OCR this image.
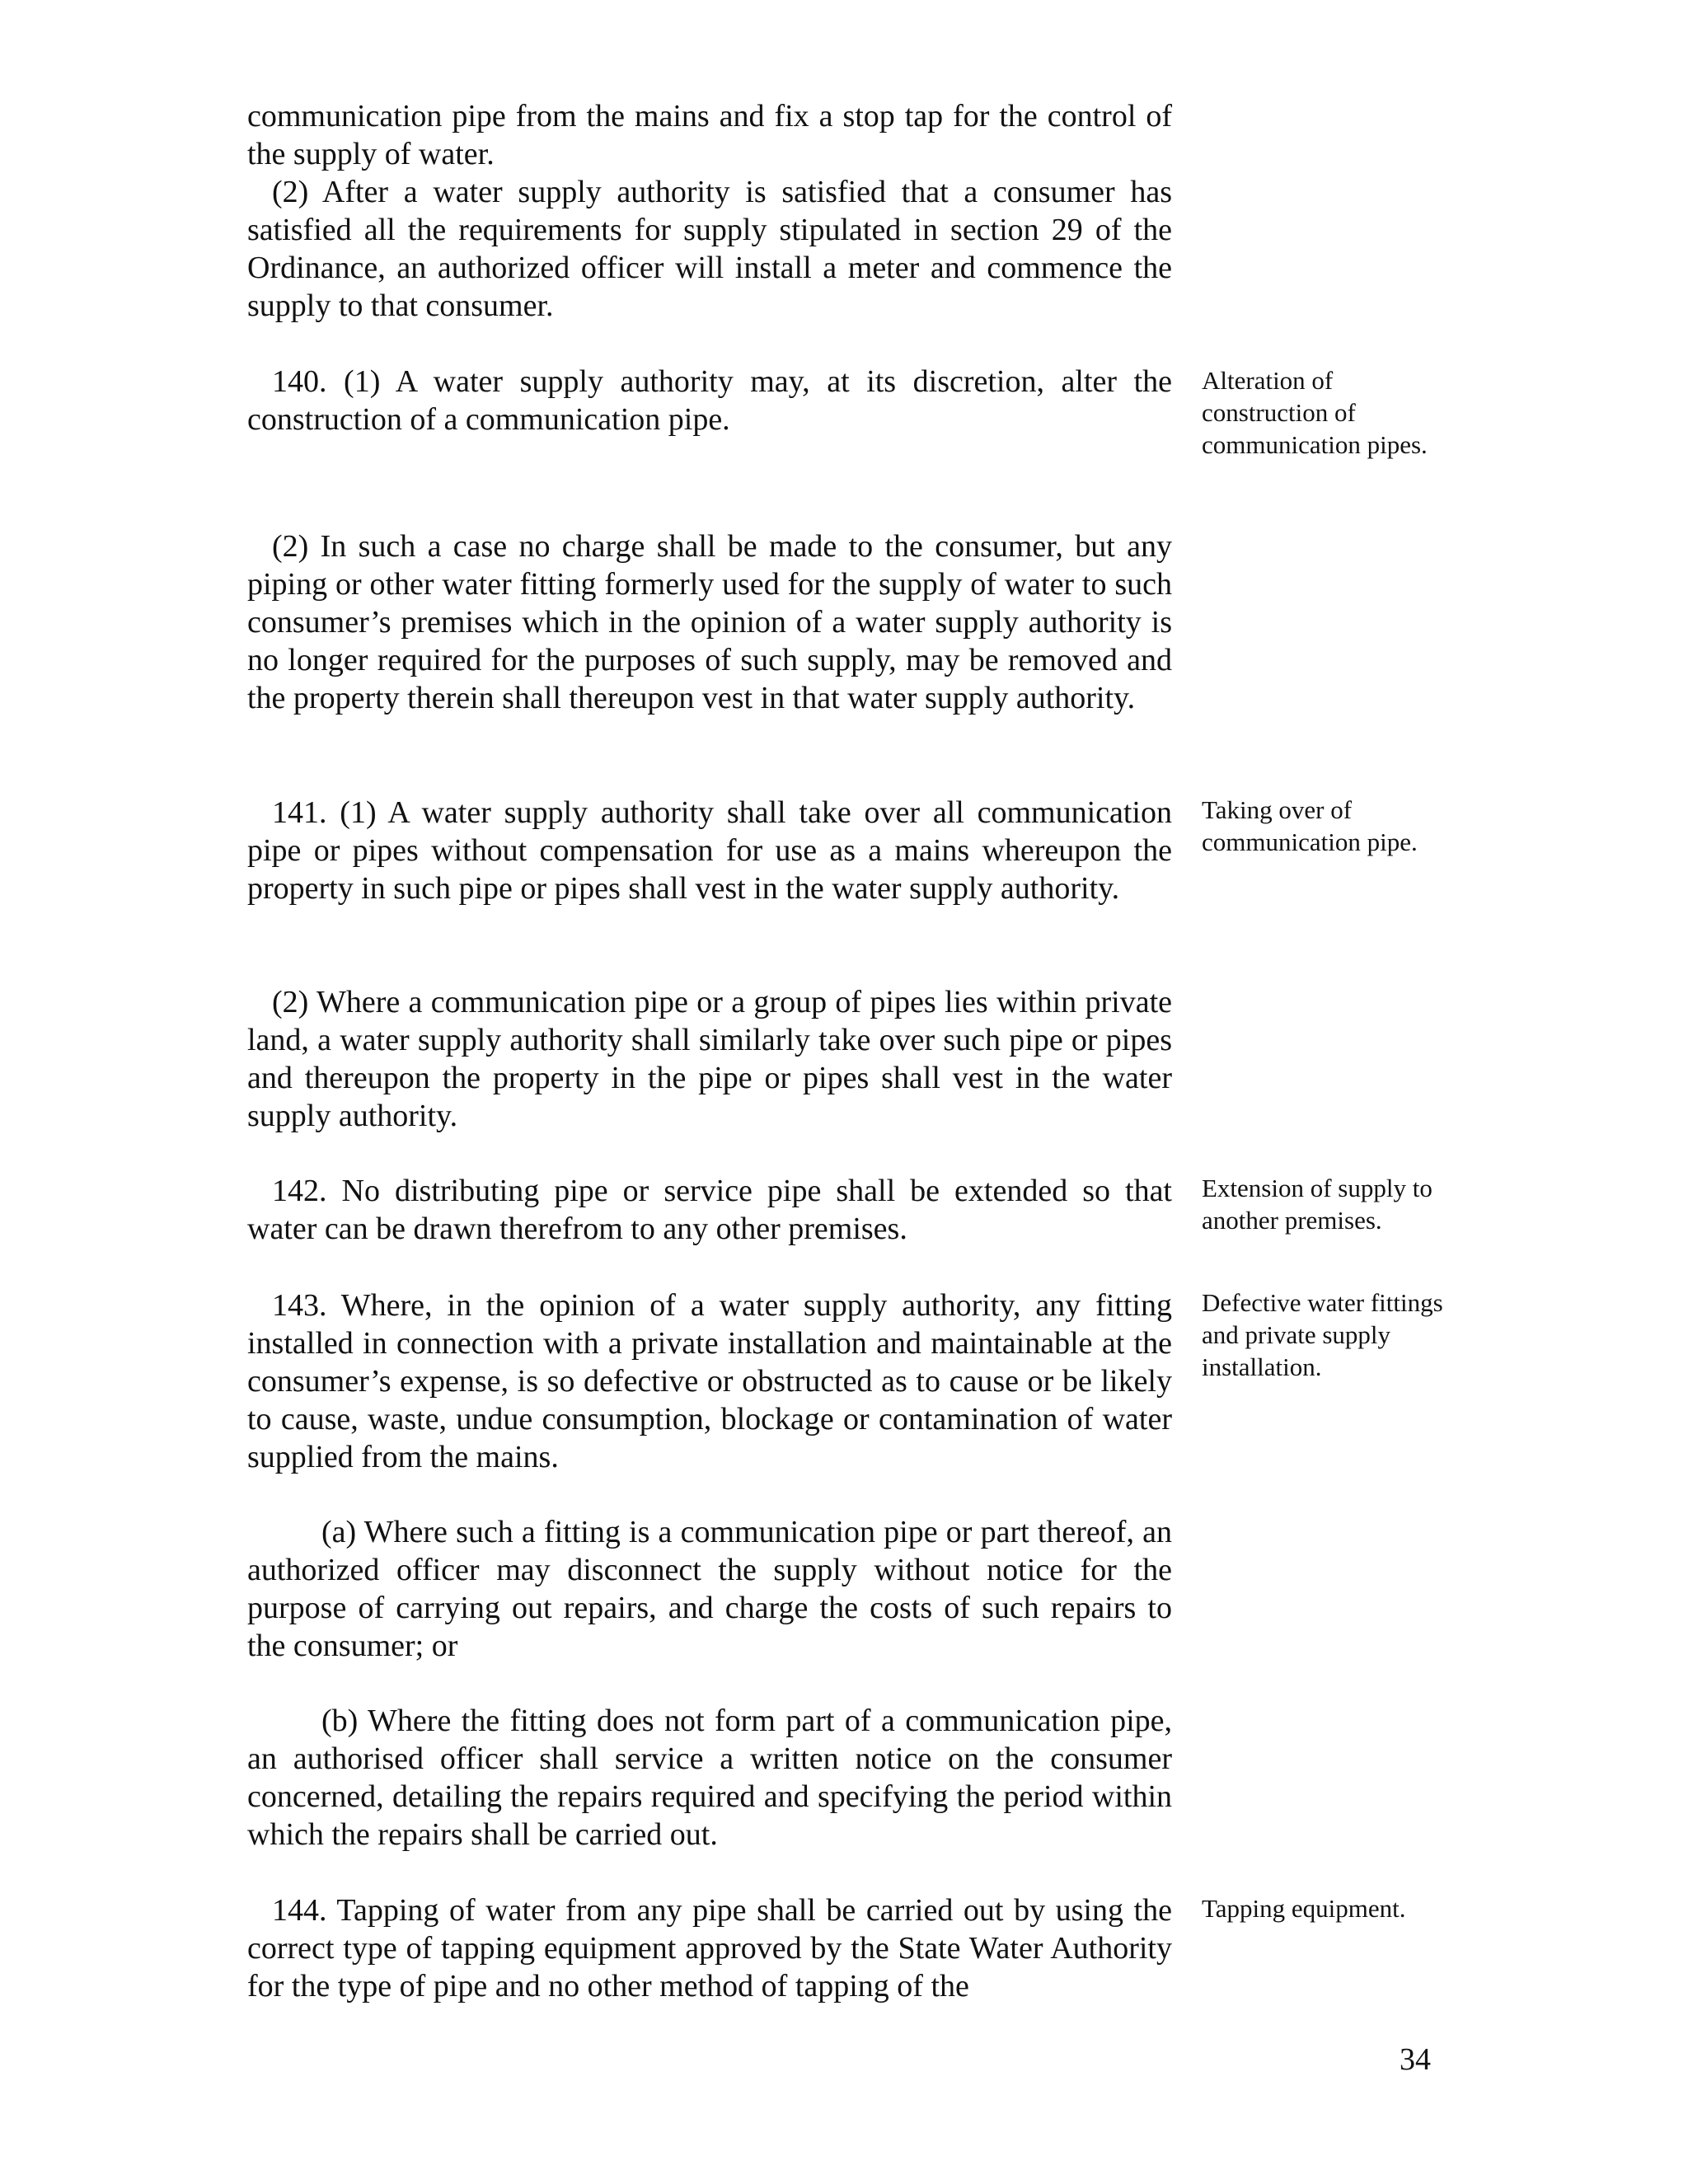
communication pipe from the mains and fix a stop tap for the control of the supply of water.

(2) After a water supply authority is satisfied that a consumer has satisfied all the requirements for supply stipulated in section 29 of the Ordinance, an authorized officer will install a meter and commence the supply to that consumer.

140. (1) A water supply authority may, at its discretion, alter the construction of a communication pipe.

Alteration of construction of communication pipes.

(2) In such a case no charge shall be made to the consumer, but any piping or other water fitting formerly used for the supply of water to such consumer’s premises which in the opinion of a water supply authority is no longer required for the purposes of such supply, may be removed and the property therein shall thereupon vest in that water supply authority.

141. (1) A water supply authority shall take over all communication pipe or pipes without compensation for use as a mains whereupon the property in such pipe or pipes shall vest in the water supply authority.

Taking over of communication pipe.

(2) Where a communication pipe or a group of pipes lies within private land, a water supply authority shall similarly take over such pipe or pipes and thereupon the property in the pipe or pipes shall vest in the water supply authority.

142. No distributing pipe or service pipe shall be extended so that water can be drawn therefrom to any other premises.

Extension of supply to another premises.

143. Where, in the opinion of a water supply authority, any fitting installed in connection with a private installation and maintainable at the consumer’s expense, is so defective or obstructed as to cause or be likely to cause, waste, undue consumption, blockage or contamination of water supplied from the mains.

Defective water fittings and private supply installation.

(a) Where such a fitting is a communication pipe or part thereof, an authorized officer may disconnect the supply without notice for the purpose of carrying out repairs, and charge the costs of such repairs to the consumer; or

(b) Where the fitting does not form part of a communication pipe, an authorised officer shall service a written notice on the consumer concerned, detailing the repairs required and specifying the period within which the repairs shall be carried out.

144. Tapping of water from any pipe shall be carried out by using the correct type of tapping equipment approved by the State Water Authority for the type of pipe and no other method of tapping of the

Tapping equipment.

34
